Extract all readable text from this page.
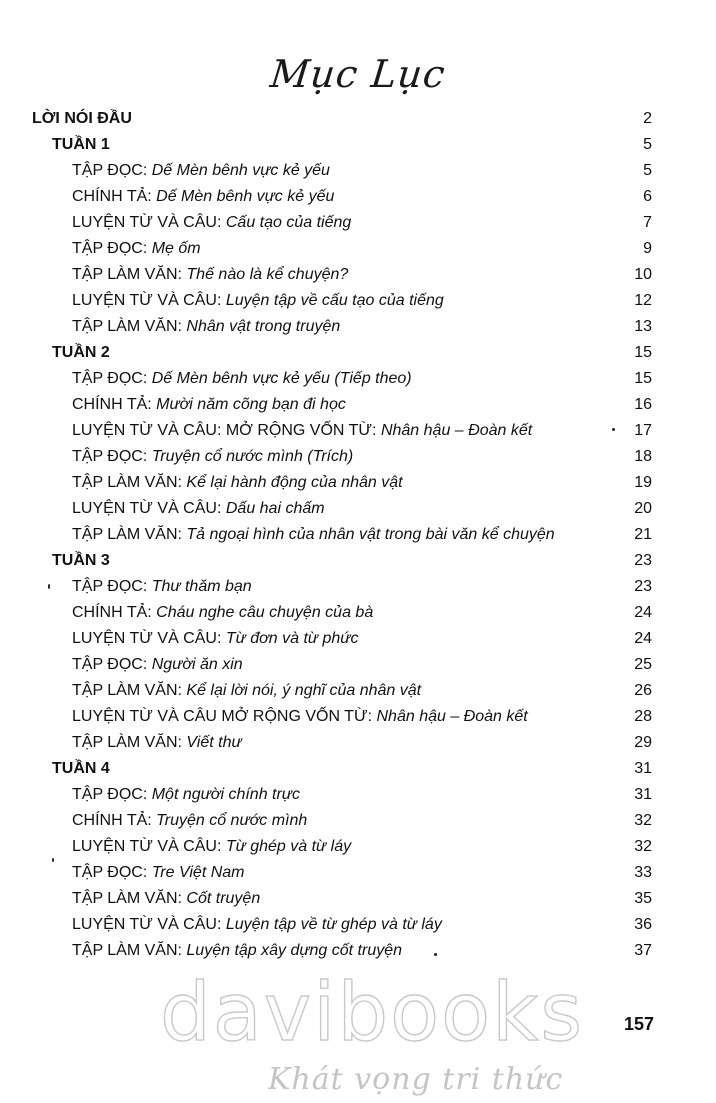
Mục Lục
LỜI NÓI ĐẦU	2
TUẦN 1	5
TẬP ĐỌC: Dế Mèn bênh vực kẻ yếu	5
CHÍNH TẢ: Dế Mèn bênh vực kẻ yếu	6
LUYỆN TỪ VÀ CÂU: Cấu tạo của tiếng	7
TẬP ĐỌC: Mẹ ốm	9
TẬP LÀM VĂN: Thế nào là kể chuyện?	10
LUYỆN TỪ VÀ CÂU: Luyện tập về cấu tạo của tiếng	12
TẬP LÀM VĂN: Nhân vật trong truyện	13
TUẦN 2	15
TẬP ĐỌC: Dế Mèn bênh vực kẻ yếu (Tiếp theo)	15
CHÍNH TẢ: Mười năm cõng bạn đi học	16
LUYỆN TỪ VÀ CÂU: MỞ RỘNG VỐN TỪ: Nhân hậu – Đoàn kết	17
TẬP ĐỌC: Truyện cổ nước mình (Trích)	18
TẬP LÀM VĂN: Kể lại hành động của nhân vật	19
LUYỆN TỪ VÀ CÂU: Dấu hai chấm	20
TẬP LÀM VĂN: Tả ngoại hình của nhân vật trong bài văn kể chuyện	21
TUẦN 3	23
TẬP ĐỌC: Thư thăm bạn	23
CHÍNH TẢ: Cháu nghe câu chuyện của bà	24
LUYỆN TỪ VÀ CÂU: Từ đơn và từ phức	24
TẬP ĐỌC: Người ăn xin	25
TẬP LÀM VĂN: Kể lại lời nói, ý nghĩ của nhân vật	26
LUYỆN TỪ VÀ CÂU MỞ RỘNG VỐN TỪ: Nhân hậu – Đoàn kết	28
TẬP LÀM VĂN: Viết thư	29
TUẦN 4	31
TẬP ĐỌC: Một người chính trực	31
CHÍNH TẢ: Truyện cổ nước mình	32
LUYỆN TỪ VÀ CÂU: Từ ghép và từ láy	32
TẬP ĐỌC: Tre Việt Nam	33
TẬP LÀM VĂN: Cốt truyện	35
LUYỆN TỪ VÀ CÂU: Luyện tập về từ ghép và từ láy	36
TẬP LÀM VĂN: Luyện tập xây dựng cốt truyện	37
157
davibooks
Khát vọng tri thức
